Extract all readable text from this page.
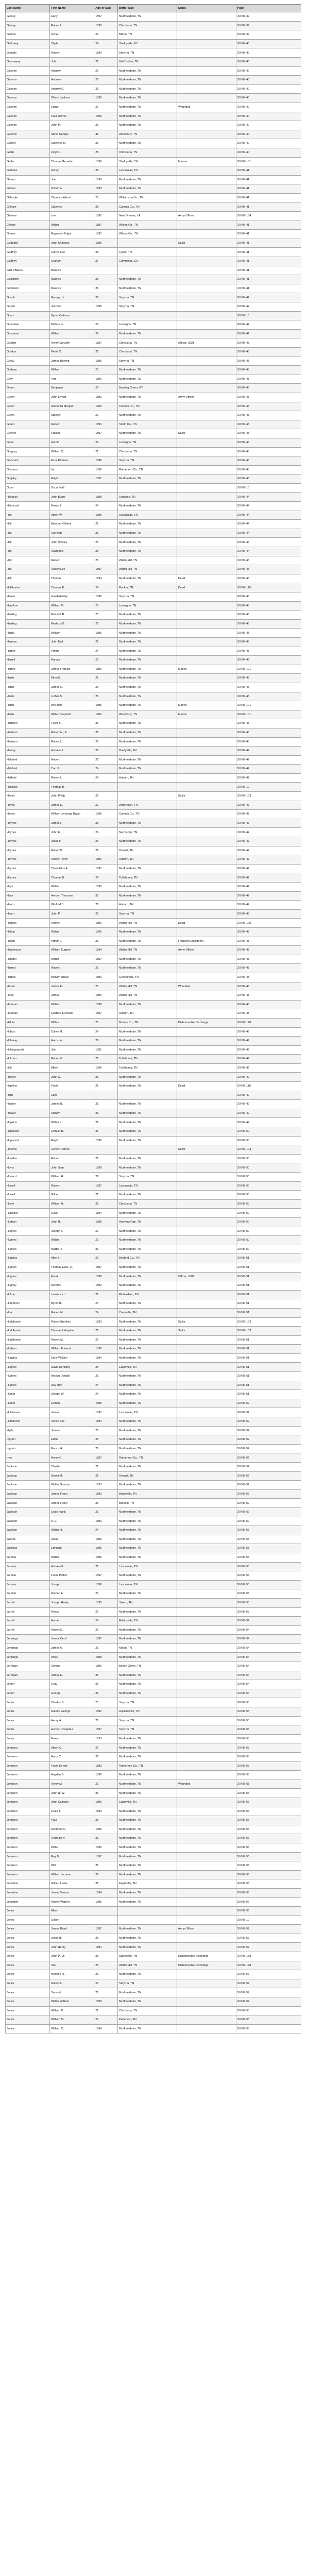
Last Name	First Name	Age or Date	Birth Place	Notes	Page
Gainey	Early	1897	Murfreesboro, TN		XXVIII-39
Gainey	Robert L.	1898	Christiana, TN		XXVIII-39
Gaither	Oscar	22	Milton, TN		XXVIII-39
Galloway	Clyde	24	Shelbyville, KY		XXVIII-40
Gamble	Robert	1894	Smyrna, TN		XXVIII-40
Gannaway	John	21	Bell Buckle, TN		XXVIII-40
Gannon	Andrew	29	Murfreesboro, TN		XXVIII-40
Gannon	Andrew	27	Murfreesboro, TN		XXVIII-40
Gannon	Andrew D.	21	Murfreesboro, TN		XXVIII-40
Gannon	Dillard Jackson	1895	Murfreesboro, TN		XXVIII-40
Gannon	Edgar	22	Murfreesboro, TN	Wounded	XXVIII-40
Gannon	Paul Mitchel	1896	Murfreesboro, TN		XXVIII-40
Gannon	John M.	26	Murfreesboro, TN		XXVIII-40
Gannon	Steve George	31	Woodbury, TN		XXVIII-40
Garrett	Clarence H.	21	Murfreesboro, TN		XXVIII-40
Gatlin	Floyd J.	28	Christiana, TN		XXVIII-40
Gatlin	Thomas Garrette	1896	Shelbyville, TN	Marine	XXVIII-101
Gibbons	Henry	21	Lascassas, TN		XXVIII-41
Gibson	Joe	1898	Murfreesboro, TN		XXVIII-41
Gibson	Osborne	1893	Murfreesboro, TN		XXVIII-41
Gillespie	Clarence Alford	25	Williamson Co., TN		XXVIII-41
Gillham	Clarence	21	Cannon Co., TN		XXVIII-41
Gilmore	Lee	1892	New Orleans, LA	Army Officer	XXVIII-104
Givens	Walter	1897	Wilson Co., TN		XXVIII-41
Givens	Raymond Edgar	1897	Wilson Co., TN		XXVIII-41
Goddard	John Shannon	1895		Sailor	XXVIII-41
Godfrey	Carnel Lee	21	Lynch, TN		XXVIII-41
Godfrey	Graham	27	Cummings, GA		XXVIII-41
GOLDBERG	Maurice				XXVIII-41
Goldstein	Maurice	21	Murfreesboro, TN		XXVIII-41
Goldstein	Maurice	21	Murfreesboro, TN		XXVIII-41
Gooch	George, Jr.	22	Smyrna, TN		XXVIII-42
Gooch	Joe Bell	1895	Smyrna, TN		XXVIII-42
Good	Byron Calhoun				XXVIII-10
Goodman	Bathus H.	24	Lavergne, TN		XXVIII-42
Goodman	William	22	Murfreesboro, TN		XXVIII-42
Gordon	Henry Sansom	1897	Christiana, TN	Officer, USN	XXVIII-43
Gordon	Pettis O.	21	Christiana, TN		XXVIII-43
Gracy	James Burnett	1895	Smyrna, TN		XXVIII-43
Graham	William	20	Murfreesboro, TN		XXVIII-43
Gray	Tom	1896	Murfreesboro, TN		XXVIII-43
Green	Benjamin	26	Bowling Green, KY		XXVIII-43
Green	John Ernest	1893	Murfreesboro, TN	Army Officer	XXVIII-43
Green	Nathaniel Morgan	1900	Cannon Co., TN		XXVIII-43
Green	Stanley	22	Murfreesboro, TN		XXVIII-43
Green	Robert	1893	Smith Co., TN		XXVIII-43
Greene	Erskine	1897	Murfreesboro, TN	Sailor	XXVIII-43
Greer	Harold	22	Lavergne, TN		XXVIII-43
Gregory	William O.	21	Christiana, TN		XXVIII-43
Gresham	Ezra Thomas	1896	Smyrna, TN		XXVIII-43
Gresson	Ira	1896	Rutherford Co., TN		XXVIII-43
Grigsby	Ralph	1897	Murfreesboro, TN		XXVIII-43
Gunn	Oscar Hall				XXVIII-10
Hackney	John Burns	1898	Lebanon, TN		XXVIII-44
Haithcock	Ernest L.	24	Murfreesboro, TN		XXVIII-44
Hall	Albert W.	1895	Lascassas, TN		XXVIII-44
Hall	Beecher Gilbert	21	Murfreesboro, TN		XXVIII-44
Hall	Harrison	21	Murfreesboro, TN		XXVIII-44
Hall	John Wesley	23	Murfreesboro, TN		XXVIII-44
Hall	Raymond	21	Murfreesboro, TN		XXVIII-44
Hall	Robert	23	Walter Hill, TN		XXVIII-45
Hall	Robert Lee	1897	Walter Hill, TN		XXVIII-45
Hall	Thomas	1894	Murfreesboro, TN	Dead	XXVIII-45
Halliburton	Thomas E.	24	Rucker, TN	Dead	XXVIII-119
Hamer	Isaiah Ashley	1896	Smyrna, TN		XXVIII-45
Hamilton	William M.	25	Lavergne, TN		XXVIII-45
Harding	Maxwell R.	20	Murfreesboro, TN		XXVIII-45
Harding	Medicus B.	26	Murfreesboro, TN		XXVIII-45
Hardy	William	1895	Murfreesboro, TN		XXVIII-45
Harmon	John Earl	21	Murfreesboro, TN		XXVIII-45
Harrell	Presto	24	Murfreesboro, TN		XXVIII-45
Harrell	Harvey	25	Murfreesboro, TN		XXVIII-45
Harrell	James Franklin	1896	Murfreesboro, TN	Marine	XXVIII-101
Harris	Elmo E.	21	Murfreesboro, TN		XXVIII-45
Harris	James G.	23	Murfreesboro, TN		XXVIII-45
Harris	Luther B.	26	Murfreesboro, TN		XXVIII-45
Harris	Will John	1895	Murfreesboro, TN	Marine	XXVIII-101
Harris	Willie Campbell	1900	Woodbury, TN	Marine	XXVIII-101
Harrison	Floyd B.	21	Murfreesboro, TN		XXVIII-45
Harrison	Robert H., Jr.	21	Murfreesboro, TN		XXVIII-45
Harrison	Robert L.	22	Murfreesboro, TN		XXVIII-45
Harvey	Andrew J.	22	Bradyville, TN		XXVIII-47
Hatchett	Hubert	21	Murfreesboro, TN		XXVIII-47
Hatchett	Carroll	24	Murfreesboro, TN		XXVIII-47
Hatfield	Robert L.	24	Auburn, TN		XXVIII-47
Hawkins	Thomas B.				XXVIII-10
Hayes	John Philip	22		Sailor	XXVIII-103
Hayes	James E.	22	Watertown, TN		XXVIII-47
Hayes	William Jennings Bryan	1896	Cannon Co., TN		XXVIII-47
Haynes	James F.	21	Murfreesboro, TN		XXVIII-47
Haynes	John E.	24	Normandy, TN		XXVIII-47
Haynes	Jesse P.	23	Murfreesboro, TN		XXVIII-47
Haynes	Robert B.	21	Overall, TN		XXVIII-47
Haynes	Robert Taylor	1896	Auburn, TN		XXVIII-47
Haynes	Theophilus A.	1897	Murfreesboro, TN		XXVIII-47
Haynes	Thomas B.	24	Tullahoma, TN		XXVIII-47
Hays	Walter	1895	Murfreesboro, TN		XXVIII-47
Hays	Herbert Thurman	30	Murfreesboro, TN		XXVIII-47
Hearn	Winfred B.	21	Auburn, TN		XXVIII-47
Hearn	John P.	22	Smyrna, TN		XXVIII-48
Hedges	Robert	1896	Walter Hill, TN	Dead	XXVIII-120
Helton	Walter	1895	Murfreesboro, TN		XXVIII-48
Helton	Arthur L.	21	Murfreesboro, TN	Fraudent Enlistment	XXVIII-48
Henderson	William Eugene	1894	Walter Hill, TN	Army Officer	XXVIII-48
Hendrix	Walter	1897	Murfreesboro, TN		XXVIII-48
Herrod	Robert	25	Murfreesboro, TN		XXVIII-48
Herrod	William Rollye	1893	Greeneville, TN		XXVIII-48
Hester	James H.	28	Walter Hill, TN	Wounded	XXVIII-48
Hicks	Jeff M.	1896	Walter Hill, TN		XXVIII-48
Hickman	Walter	1898	Murfreesboro, TN		XXVIII-48
Hickman	Eustace Elsmarie	1897	Auburn, TN		XXVIII-48
Hidder	Wilbur	26	Murray Co., TN	Dishonorable Discharge	XXVIII-178
Hobbs	Calvin M.	24	Murfreesboro, TN		XXVIII-49
Holaway	Harrison	22	Murfreesboro, TN		XXVIII-49
Hollingsworth	Jim	1891	Murfreesboro, TN		XXVIII-49
Holman	Robert G.	21	Tullahoma, TN		XXVIII-49
Holt	Albert	1896	Tullahoma, TN		XXVIII-49
Hooker	John C.	21	Murfreesboro, TN		XXVIII-49
Hopkins	Frank	21	Murfreesboro, TN	Dead	XXVIII-119
Horn	Eliza				XXVIII-49
Houser	James B.	21	Murfreesboro, TN		XXVIII-49
Hoover	Sidney	21	Murfreesboro, TN		XXVIII-49
Hopkins	Walter L.	21	Murfreesboro, TN		XXVIII-49
Hopwood	Lemuel B.	21	Murfreesboro, TN		XXVIII-50
Hopwood	Ralph	1896	Murfreesboro, TN		XXVIII-50
Hoskins	Herbert James			Sailor	XXVIII-103
Houlden	Robert	21	Murfreesboro, TN		XXVIII-50
Hovis	John Sam	1899	Murfreesboro, TN		XXVIII-50
Howard	William H.	22	Smyrna, TN		XXVIII-50
Howell	Robert	1897	Lascassas, TN		XXVIII-50
Howell	Gilbert	21	Murfreesboro, TN		XXVIII-50
Hoyle	William H.	21	Christiana, TN		XXVIII-50
Hubbard	Oliver	1894	Murfreesboro, TN		XXVIII-50
Hudson	John H.	1895	Hoovers Gap, TN		XXVIII-50
Hughes	Joseph T.	22	Murfreesboro, TN		XXVIII-50
Hughes	Walter	20	Murfreesboro, TN		XXVIII-50
Hughes	Martin H.	21	Murfreesboro, TN		XXVIII-50
Huggins	Albe B.	22	Bedford Co., TN		XXVIII-51
Hughes	Thomas Ewin, Jr.	1897	Murfreesboro, TN		XXVIII-51
Hughes	Frank	1898	Murfreesboro, TN	Officer, USN	XXVIII-51
Hughey	Dorothy	1892	Murfreesboro, TN		XXVIII-51
Hulme	Lawrence J.	21	Richardson, TN		XXVIII-51
Humphrey	Byron B.	20	Murfreesboro, TN		XXVIII-51
Hunt	Robert M.	24	Cainsville, TN		XXVIII-51
Huddleston	Robert Brookes	1893	Murfreesboro, TN	Sailor	XXVIII-103
Huddleston	Thomas Lafayette	21	Murfreesboro, TN	Sailor	XXVIII-103
Huddleston	Robert M.	23	Murfreesboro, TN		XXVIII-51
Hudson	William Edward	1896	Murfreesboro, TN		XXVIII-51
Huggins	Early William	1894	Murfreesboro, TN		XXVIII-51
Hughes	David Henning	25	Eagleville, TN		XXVIII-51
Hughes	Nelson Donald	21	Murfreesboro, TN		XXVIII-51
Hughes	Roy Ray	24	Murfreesboro, TN		XXVIII-51
Hunter	Joseph W.	24	Murfreesboro, TN		XXVIII-51
Hunter	Lemon	1895	Murfreesboro, TN		XXVIII-52
Hutcheson	James	1897	Lascassas, TN		XXVIII-52
Hutcheson	Vernie Lee	1894	Murfreesboro, TN		XXVIII-52
Hyde	Jimmie	26	Murfreesboro, TN		XXVIII-52
Ingram	Eddie	21	Murfreesboro, TN		XXVIII-52
Ingram	Enoch H.	21	Murfreesboro, TN		XXVIII-52
Irvin	Henry C.	1897	Rutherford Co., TN		XXVIII-52
Jackson	Charlie	21	Murfreesboro, TN		XXVIII-52
Jackson	Dewitt M.	21	Overall, TN		XXVIII-52
Jackson	Walter Dawson	1893	Murfreesboro, TN		XXVIII-52
Jackson	James Fount	1893	Bradyville, TN		XXVIII-52
Jackson	James Fount	21	Barfield, TN		XXVIII-52
Jackson	Louis Frank	23	Murfreesboro, TN		XXVIII-52
Jackson	R. E.	1893	Murfreesboro, TN		XXVIII-52
Jackson	Walter H.	24	Murfreesboro, TN		XXVIII-53
Jacobs	Jesse	1896	Murfreesboro, TN		XXVIII-53
Jamison	Ephraim	1895	Murfreesboro, TN		XXVIII-53
Jarman	Walter	1895	Murfreesboro, TN		XXVIII-53
Jarman	Andrew F.	21	Lascassas, TN		XXVIII-53
Jarman	Frank Patton	1897	Murfreesboro, TN		XXVIII-53
Jarman	Joseph	1896	Lascassas, TN		XXVIII-53
Jarman	Roman E.	23	Murfreesboro, TN		XXVIII-53
Jarrell	Joseph Hardy	1895	Salem, TN		XXVIII-53
Jarrell	Reese	22	Murfreesboro, TN		XXVIII-53
Jarrell	Homer	24	Rollinsville, TN		XXVIII-54
Jarrell	Robert E.	22	Murfreesboro, TN		XXVIII-54
Jennings	James Cecil	1897	Murfreesboro, TN		XXVIII-54
Jennings	James A.	23	Milton, TN		XXVIII-54
Jennings	Wiley	1898	Murfreesboro, TN		XXVIII-54
Jernigan	Connor	1896	Beech Grove, TN		XXVIII-54
Jernigan	James E.	21	Murfreesboro, TN		XXVIII-54
Jetton	Gray	26	Murfreesboro, TN		XXVIII-54
Jetton	George	21	Murfreesboro, TN		XXVIII-54
Johns	Charles D.	23	Smyrna, TN		XXVIII-55
Johns	Dulette George	1892	Hopkinsville, TN		XXVIII-55
Johns	Henry A.	21	Smyrna, TN		XXVIII-55
Johns	Herbert Josephus	1897	Smyrna, TN		XXVIII-55
Johns	Ernest	1893	Murfreesboro, TN		XXVIII-55
Johnson	Albert C.	26	Murfreesboro, TN		XXVIII-55
Johnson	Harry C.	22	Murfreesboro, TN		XXVIII-55
Johnson	Frank Ernest	1893	Rutherford Co., TN		XXVIII-55
Johnson	Hayden D.	1896	Murfreesboro, TN		XXVIII-55
Johnson	Henry M.	22	Murfreesboro, TN	Wounded	XXVIII-55
Johnson	John H. W.	21	Murfreesboro, TN		XXVIII-56
Johnson	John Calhoun	1896	Eagleville, TN		XXVIII-56
Johnson	Louis T.	1893	Murfreesboro, TN		XXVIII-56
Johnson	Paul	21	Murfreesboro, TN		XXVIII-56
Johnson	Rochford C.	1896	Murfreesboro, TN		XXVIII-56
Johnson	Reginald V.	21	Murfreesboro, TN		XXVIII-56
Johnson	Willie	1896	Murfreesboro, TN		XXVIII-56
Johnson	Roy B.	1897	Murfreesboro, TN		XXVIII-56
Johnson	Will	21	Murfreesboro, TN		XXVIII-56
Johnson	William Jerome	22	Murfreesboro, TN		XXVIII-56
Johnston	Gilbert Lewis	21	Eagleville, TN		XXVIII-56
Johnston	James Vernon	1894	Murfreesboro, TN		XXVIII-56
Johnston	Robert Warren	1895	Murfreesboro, TN		XXVIII-56
Jones	Albert				XXVIII-56
Jones	Gilbert				XXVIII-10
Jones	James Baird	1897	Murfreesboro, TN	Army Officer	XXVIII-57
Jones	Jesse B.	21	Murfreesboro, TN		XXVIII-57
Jones	John Henry	1894	Murfreesboro, TN		XXVIII-57
Jones	John P., Jr.	21	Statesville, TN	Dishonorable Discharge	XXVIII-178
Jones	Jim	26	Walter Hill, TN	Dishonorable Discharge	XXVIII-178
Jones	Mervine H.	21	Murfreesboro, TN		XXVIII-57
Jones	Robert L.	27	Smyrna, TN		XXVIII-57
Jones	Samuel	21	Murfreesboro, TN		XXVIII-57
Jones	Walter William	1899	Murfreesboro, TN		XXVIII-57
Jones	William D.	21	Christiana, TN		XXVIII-58
Jones	William M.	22	Patterson, TN		XXVIII-58
Jones	William C.	1894	Murfreesboro, TN		XXVIII-58
